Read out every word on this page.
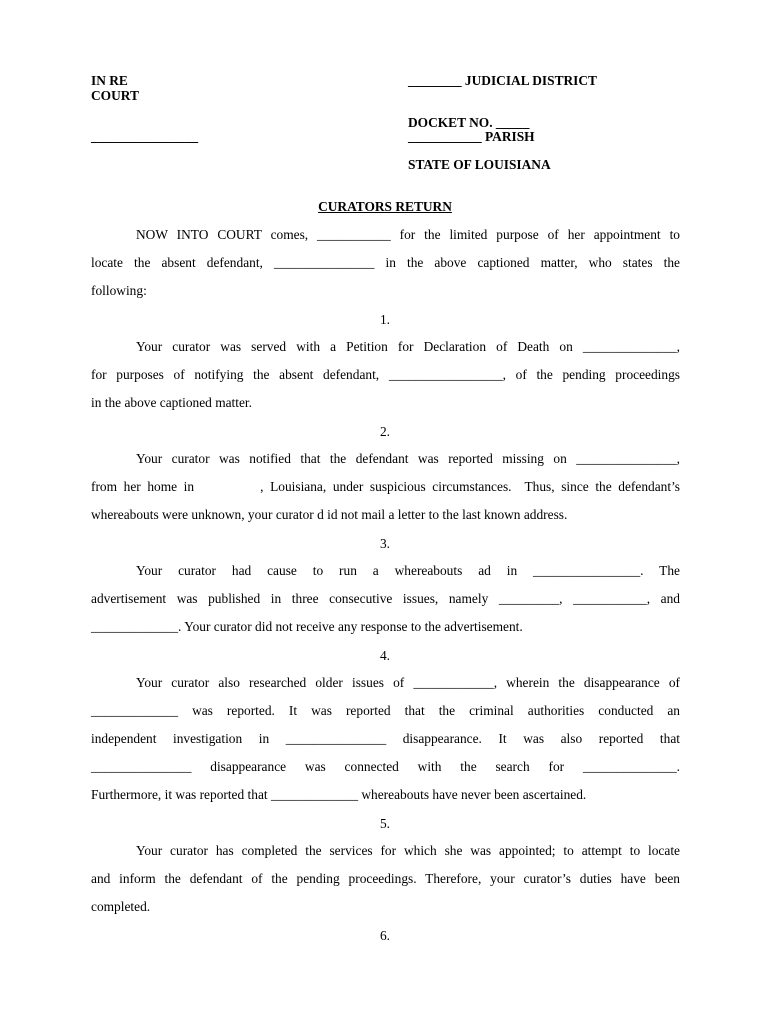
IN RE
COURT
________________
________ JUDICIAL DISTRICT
DOCKET NO. _____
___________ PARISH
STATE OF LOUISIANA
CURATORS RETURN
NOW INTO COURT comes, ___________ for the limited purpose of her appointment to
locate the absent defendant, _______________ in the above captioned matter, who states the
following:
1.
Your curator was served with a Petition for Declaration of Death on ______________,
for purposes of notifying the absent defendant, _________________, of the pending proceedings
in the above captioned matter.
2.
Your curator was notified that the defendant was reported missing on _______________,
from her home in          , Louisiana, under suspicious circumstances.  Thus, since the defendant’s
whereabouts were unknown, your curator d id not mail a letter to the last known address.
3.
Your curator had cause to run a whereabouts ad in ________________. The
advertisement was published in three consecutive issues, namely _________, ___________, and
_____________. Your curator did not receive any response to the advertisement.
4.
Your curator also researched older issues of ____________, wherein the disappearance of
_____________ was reported. It was reported that the criminal authorities conducted an
independent investigation in _______________ disappearance. It was also reported that
_______________ disappearance was connected with the search for ______________.
Furthermore, it was reported that _____________ whereabouts have never been ascertained.
5.
Your curator has completed the services for which she was appointed; to attempt to locate
and inform the defendant of the pending proceedings. Therefore, your curator’s duties have been
completed.
6.
